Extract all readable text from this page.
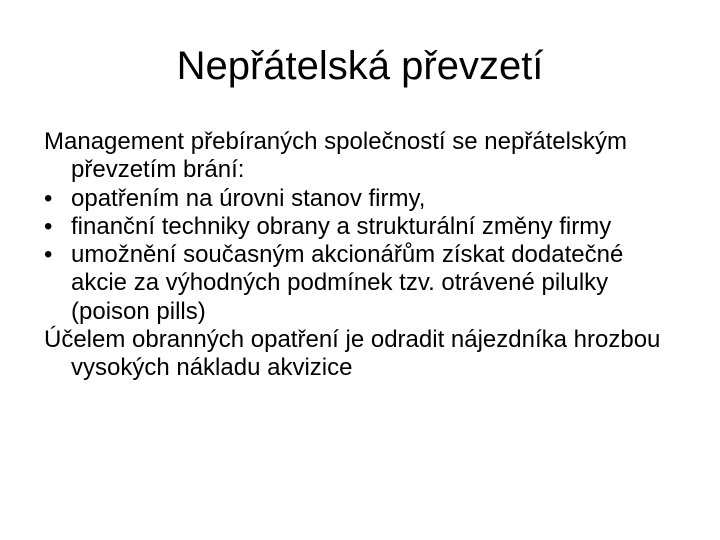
Nepřátelská převzetí

Management přebíraných společností se nepřátelským převzetím brání:

• opatřením na úrovni stanov firmy,
• finanční techniky obrany a strukturální změny firmy
• umožnění současným akcionářům získat dodatečné akcie za výhodných podmínek tzv. otrávené pilulky (poison pills)

Účelem obranných opatření je odradit nájezdníka hrozbou vysokých nákladu akvizice
